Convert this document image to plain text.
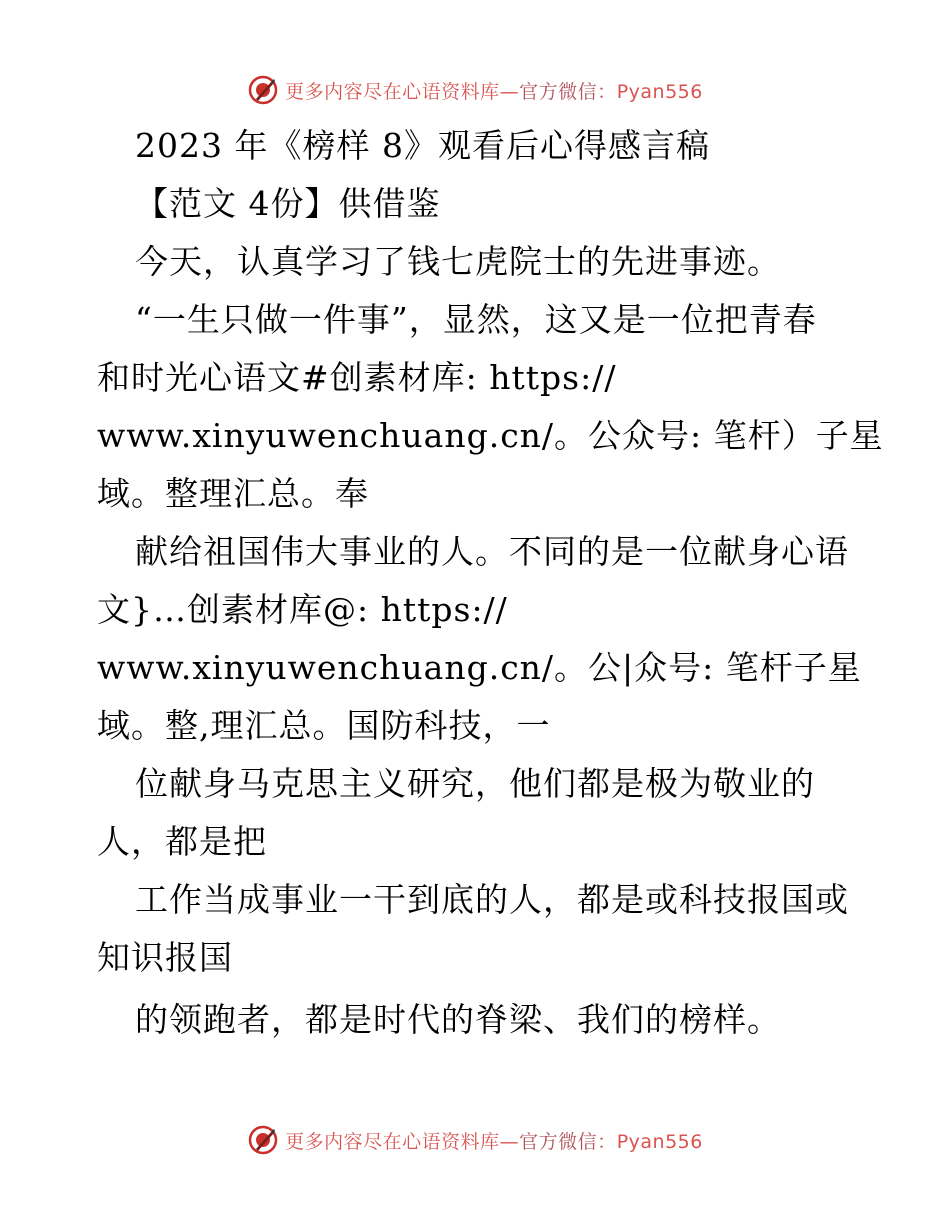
更多内容尽在心语资料库—官方微信：Pyan556
2023 年《榜样 8》观看后心得感言稿
【范文 4份】供借鉴
今天，认真学习了钱七虎院士的先进事迹。
“一生只做一件事”，显然，这又是一位把青春
和时光心语文#创素材库: https://
www.xinyuwenchuang.cn/。公众号: 笔杆）子星
域。整理汇总。奉
献给祖国伟大事业的人。不同的是一位献身心语
文}…创素材库@: https://
www.xinyuwenchuang.cn/。公|众号: 笔杆子星
域。整,理汇总。国防科技，一
位献身马克思主义研究，他们都是极为敬业的
人，都是把
工作当成事业一干到底的人，都是或科技报国或
知识报国
的领跑者，都是时代的脊梁、我们的榜样。
更多内容尽在心语资料库—官方微信：Pyan556
